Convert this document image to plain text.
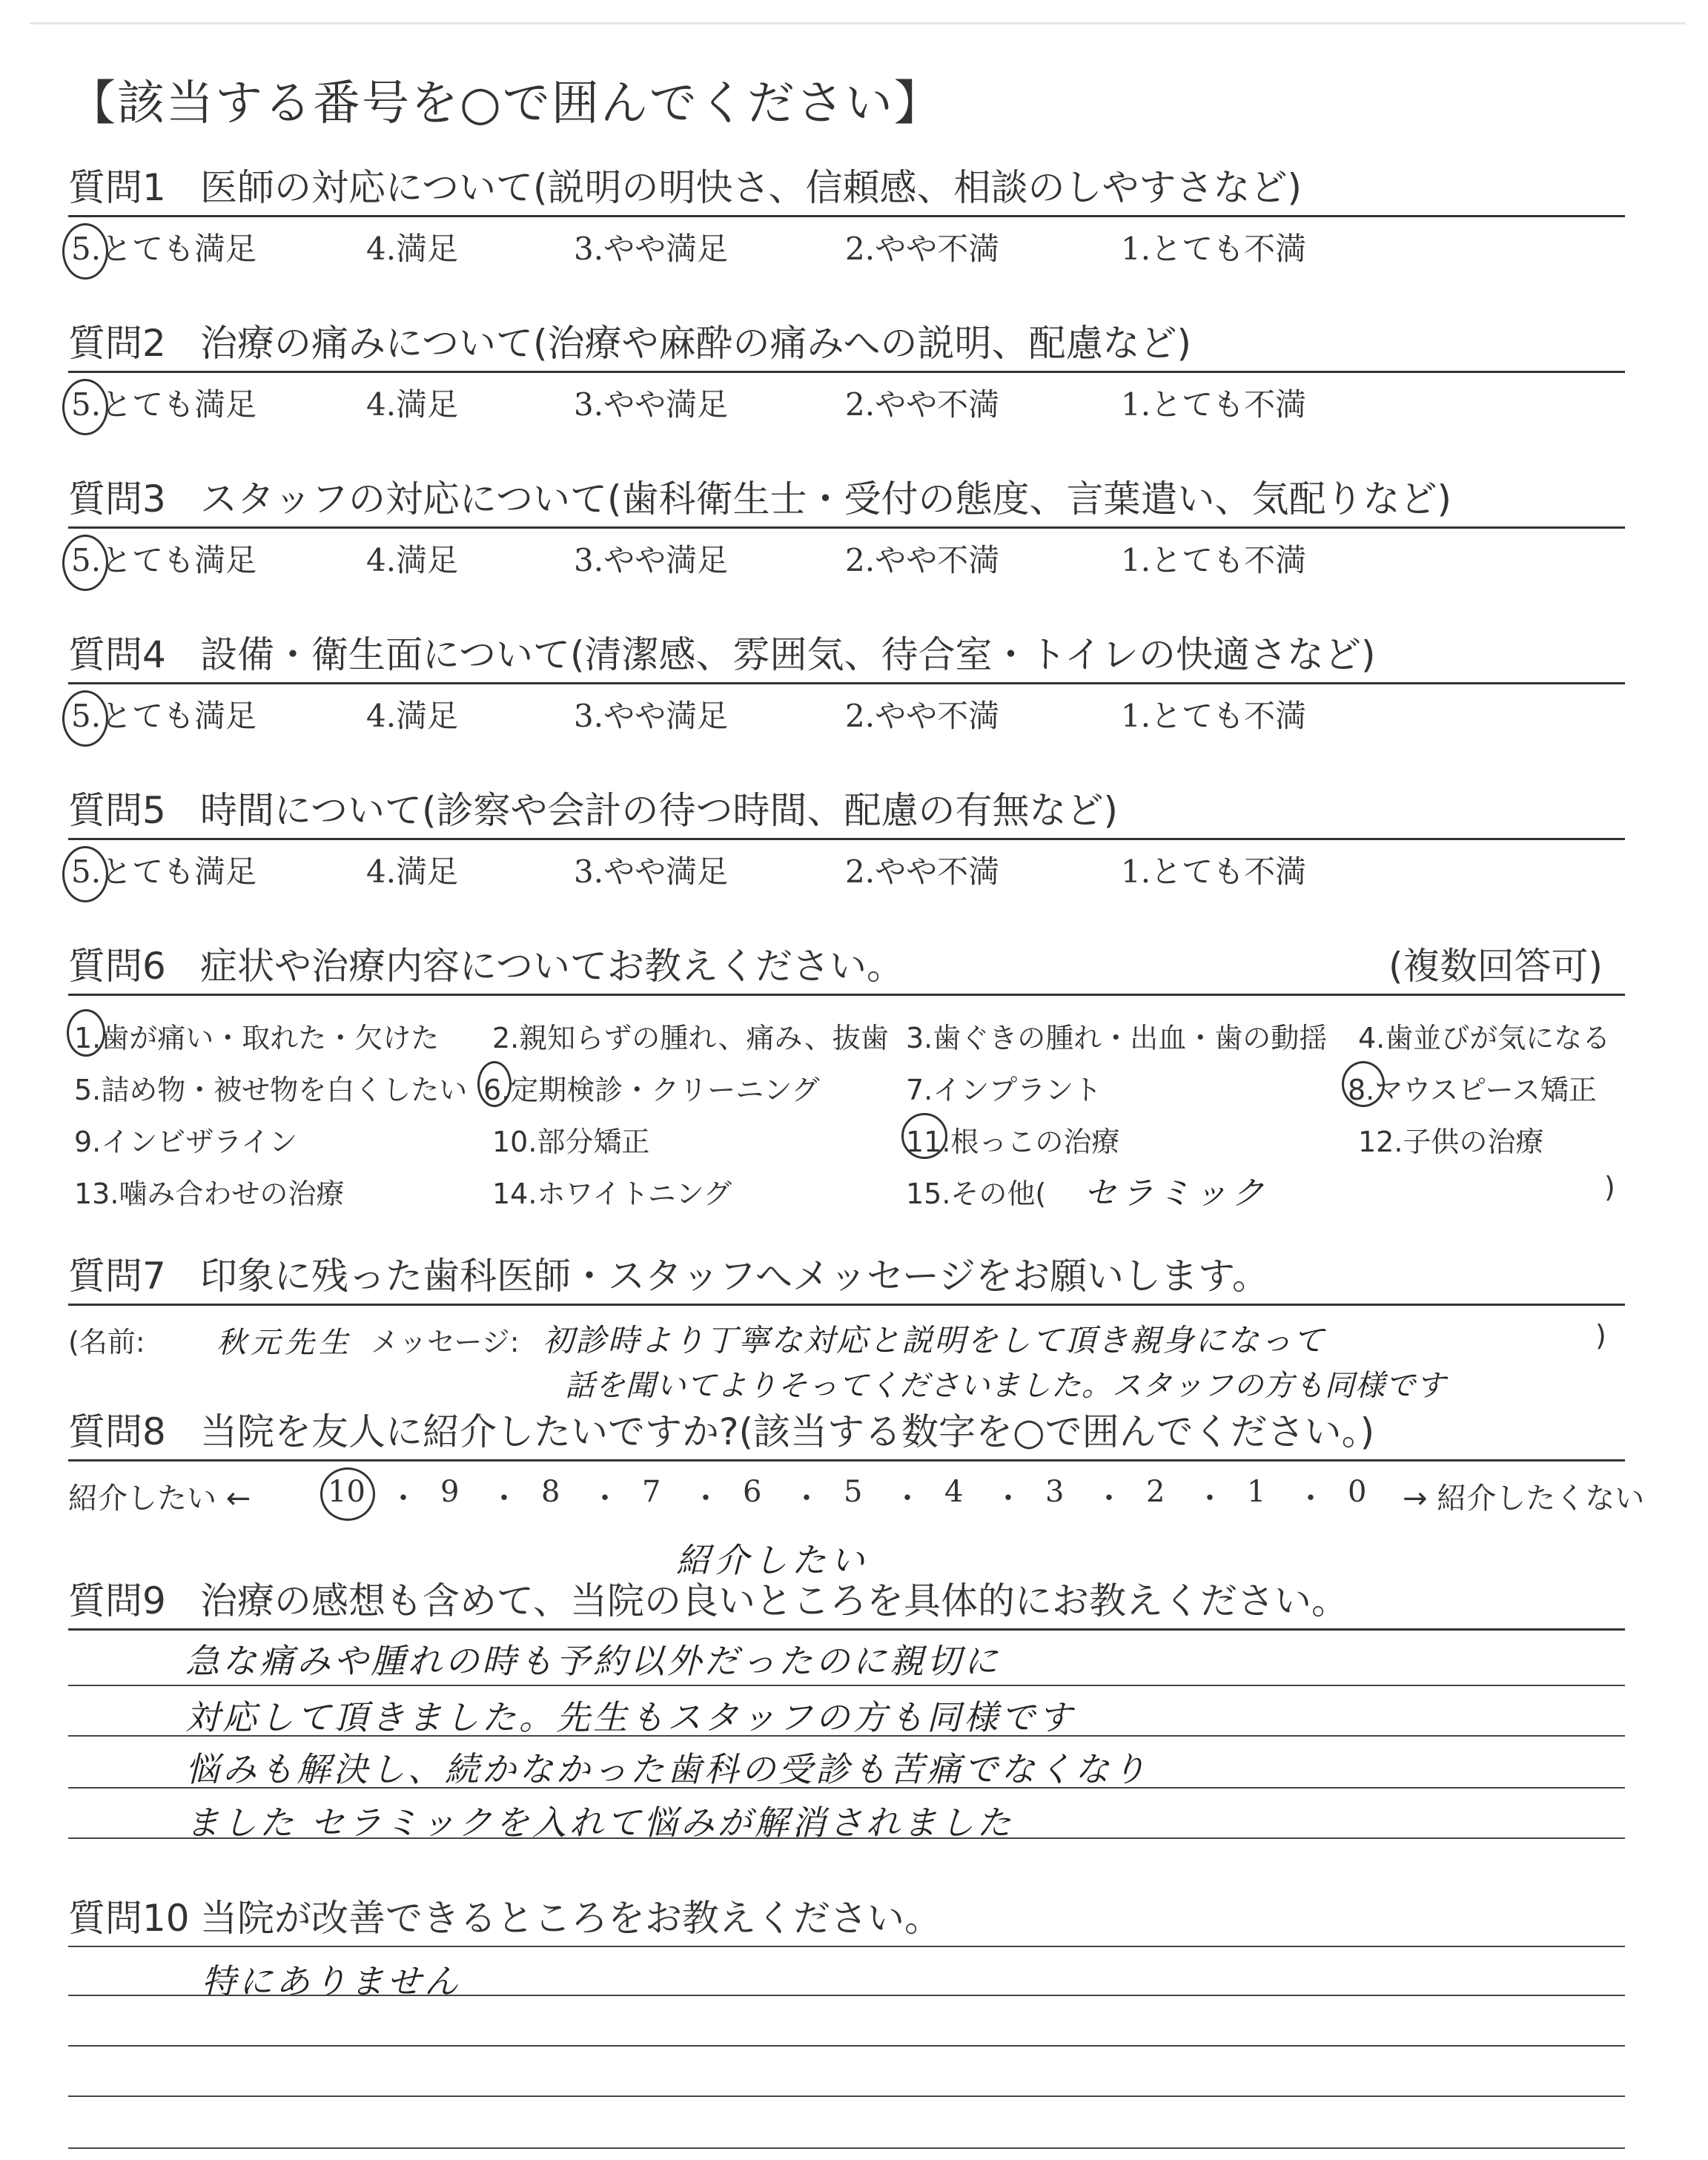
【該当する番号を○で囲んでください】
質問1 医師の対応について(説明の明快さ、信頼感、相談のしやすさなど)
5.とても満足	4.満足	3.やや満足	2.やや不満	1.とても不満
質問2 治療の痛みについて(治療や麻酔の痛みへの説明、配慮など)
5.とても満足	4.満足	3.やや満足	2.やや不満	1.とても不満
質問3 スタッフの対応について(歯科衛生士・受付の態度、言葉遣い、気配りなど)
5.とても満足	4.満足	3.やや満足	2.やや不満	1.とても不満
質問4 設備・衛生面について(清潔感、雰囲気、待合室・トイレの快適さなど)
5.とても満足	4.満足	3.やや満足	2.やや不満	1.とても不満
質問5 時間について(診察や会計の待つ時間、配慮の有無など)
5.とても満足	4.満足	3.やや満足	2.やや不満	1.とても不満
質問6 症状や治療内容についてお教えください。	(複数回答可)
1.歯が痛い・取れた・欠けた 2.親知らずの腫れ、痛み、抜歯 3.歯ぐきの腫れ・出血・歯の動揺 4.歯並びが気になる
5.詰め物・被せ物を白くしたい 6.定期検診・クリーニング	7.インプラント	8.マウスピース矯正
9.インビザライン	10.部分矯正	11.根っこの治療	12.子供の治療
13.噛み合わせの治療	14.ホワイトニング	15.その他( セラミック	)
質問7 印象に残った歯科医師・スタッフへメッセージをお願いします。
(名前: 秋元先生 メッセージ: 初診時より丁寧な対応と説明をして頂き親身になって	)
話を聞いてよりそってくださいました。スタッフの方も同様です
質問8 当院を友人に紹介したいですか?(該当する数字を○で囲んでください。)
紹介したい ←	10 ・ 9 ・ 8 ・ 7 ・ 6 ・ 5 ・ 4 ・ 3 ・ 2 ・ 1 ・ 0 → 紹介したくない
紹介したい
質問9 治療の感想も含めて、当院の良いところを具体的にお教えください。
急な痛みや腫れの時も予約以外だったのに親切に
対応して頂きました。先生もスタッフの方も同様です
悩みも解決し、続かなかった歯科の受診も苦痛でなくなり
ました セラミックを入れて悩みが解消されました
質問10 当院が改善できるところをお教えください。
特にありません
